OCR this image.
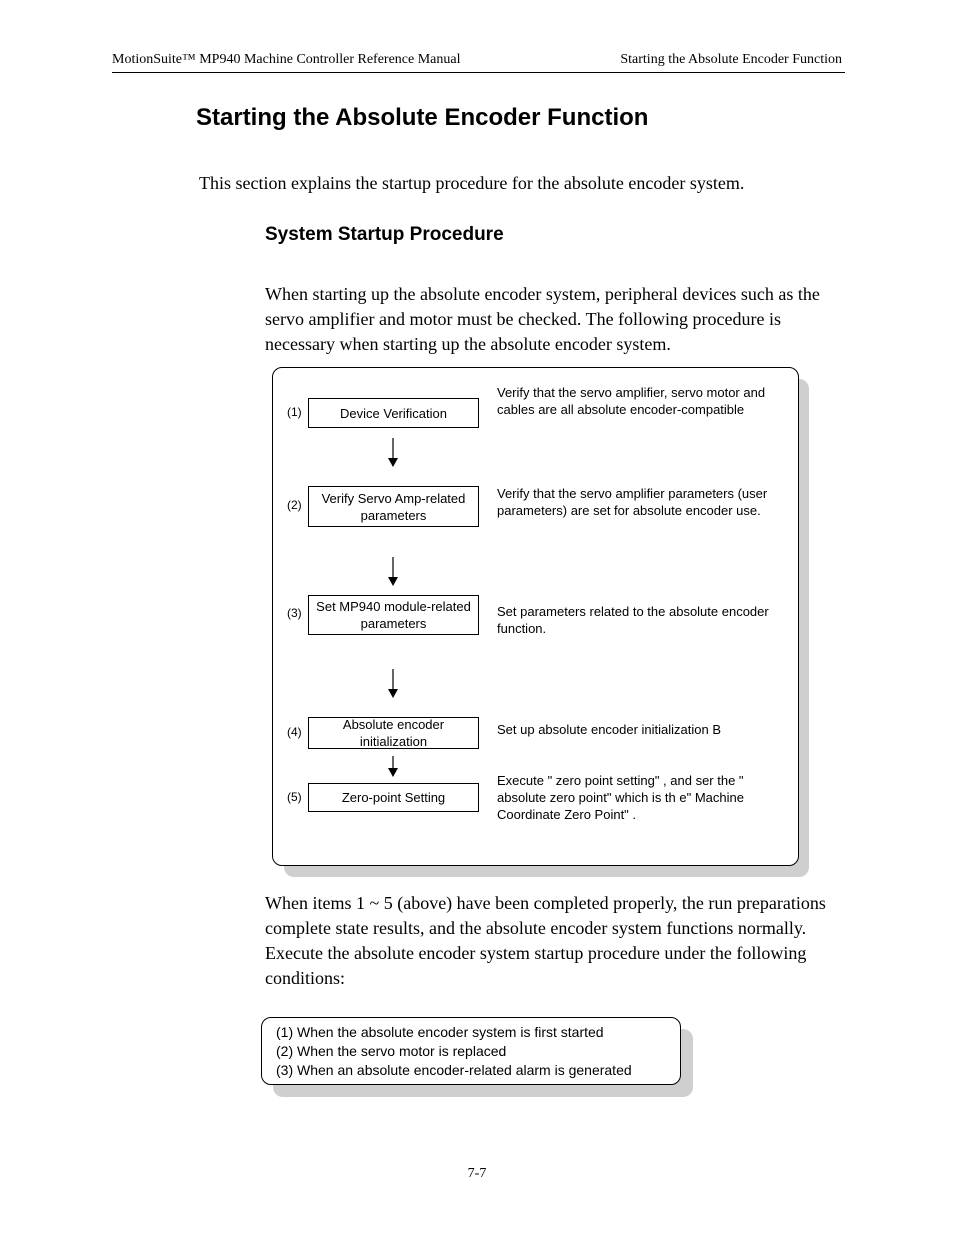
MotionSuite™ MP940 Machine Controller Reference Manual	Starting the Absolute Encoder Function
Starting the Absolute Encoder Function
This section explains the startup procedure for the absolute encoder system.
System Startup Procedure
When starting up the absolute encoder system, peripheral devices such as the servo amplifier and motor must be checked. The following procedure is necessary when starting up the absolute encoder system.
(1)	Device Verification
Verify that the servo amplifier, servo motor and cables are all absolute encoder-compatible
(2)	Verify Servo Amp-related parameters
Verify that the servo amplifier parameters (user parameters) are set for absolute encoder use.
(3)	Set MP940 module-related parameters
Set parameters related to the absolute encoder function.
(4)	Absolute encoder initialization
Set up absolute encoder initialization B
(5)	Zero-point Setting
Execute " zero point setting" , and ser the " absolute zero point" which is th e" Machine Coordinate Zero Point" .
When items 1 ~ 5 (above) have been completed properly, the run preparations complete state results, and the absolute encoder system functions normally. Execute the absolute encoder system startup procedure under the following conditions:
(1) When the absolute encoder system is first started
(2) When the servo motor is replaced
(3) When an absolute encoder-related alarm is generated
7-7
